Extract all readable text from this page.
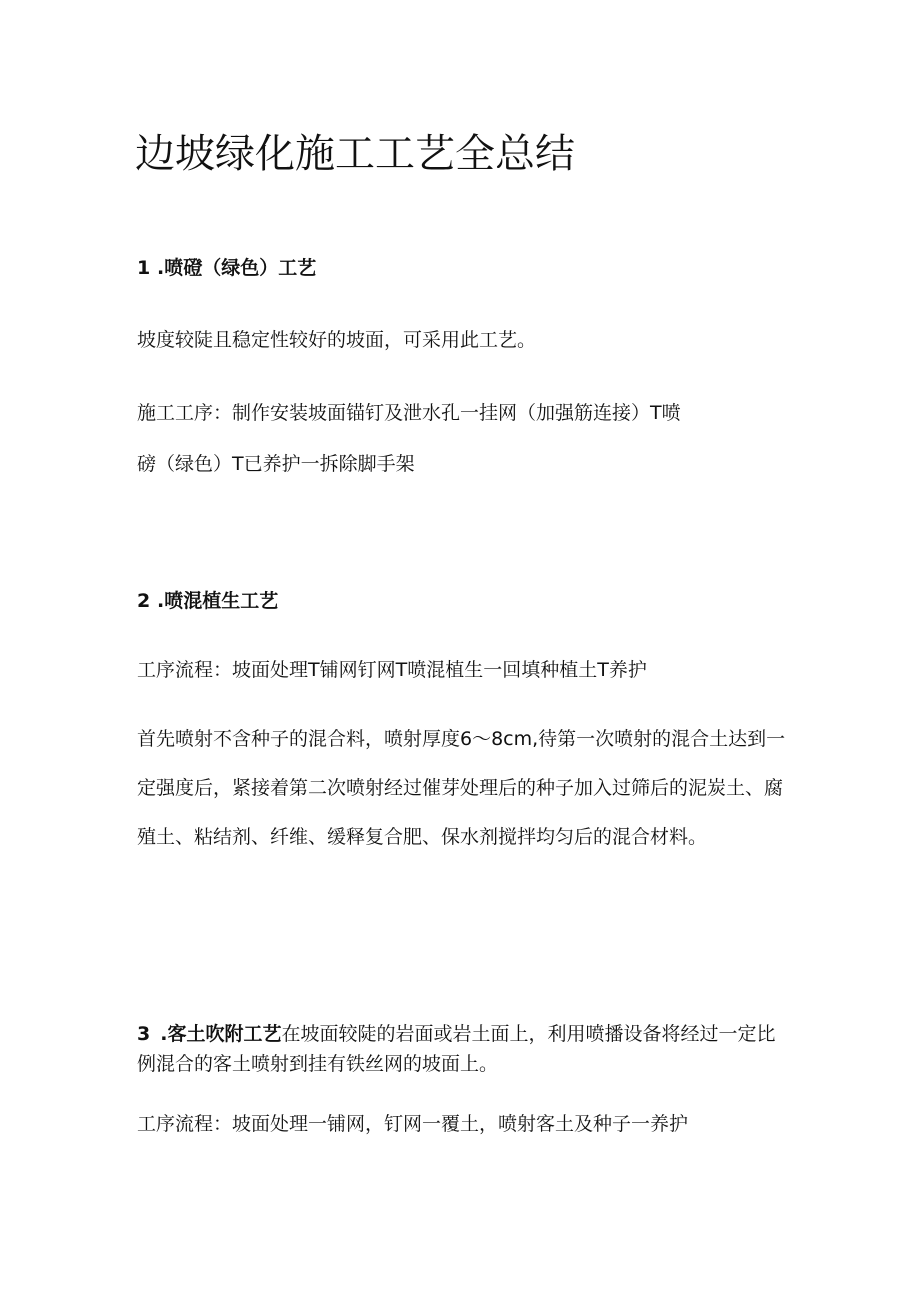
边坡绿化施工工艺全总结
1 .喷磴（绿色）工艺
坡度较陡且稳定性较好的坡面，可采用此工艺。
施工工序：制作安装坡面锚钉及泄水孔一挂网（加强筋连接）T喷
磅（绿色）T已养护一拆除脚手架
2 .喷混植生工艺
工序流程：坡面处理T铺网钉网T喷混植生一回填种植土T养护
首先喷射不含种子的混合料，喷射厚度6～8cm,待第一次喷射的混合土达到一定强度后，紧接着第二次喷射经过催芽处理后的种子加入过筛后的泥炭土、腐殖土、粘结剂、纤维、缓释复合肥、保水剂搅拌均匀后的混合材料。
3 .客土吹附工艺在坡面较陡的岩面或岩土面上，利用喷播设备将经过一定比例混合的客土喷射到挂有铁丝网的坡面上。
工序流程：坡面处理一铺网，钉网一覆土，喷射客土及种子一养护
